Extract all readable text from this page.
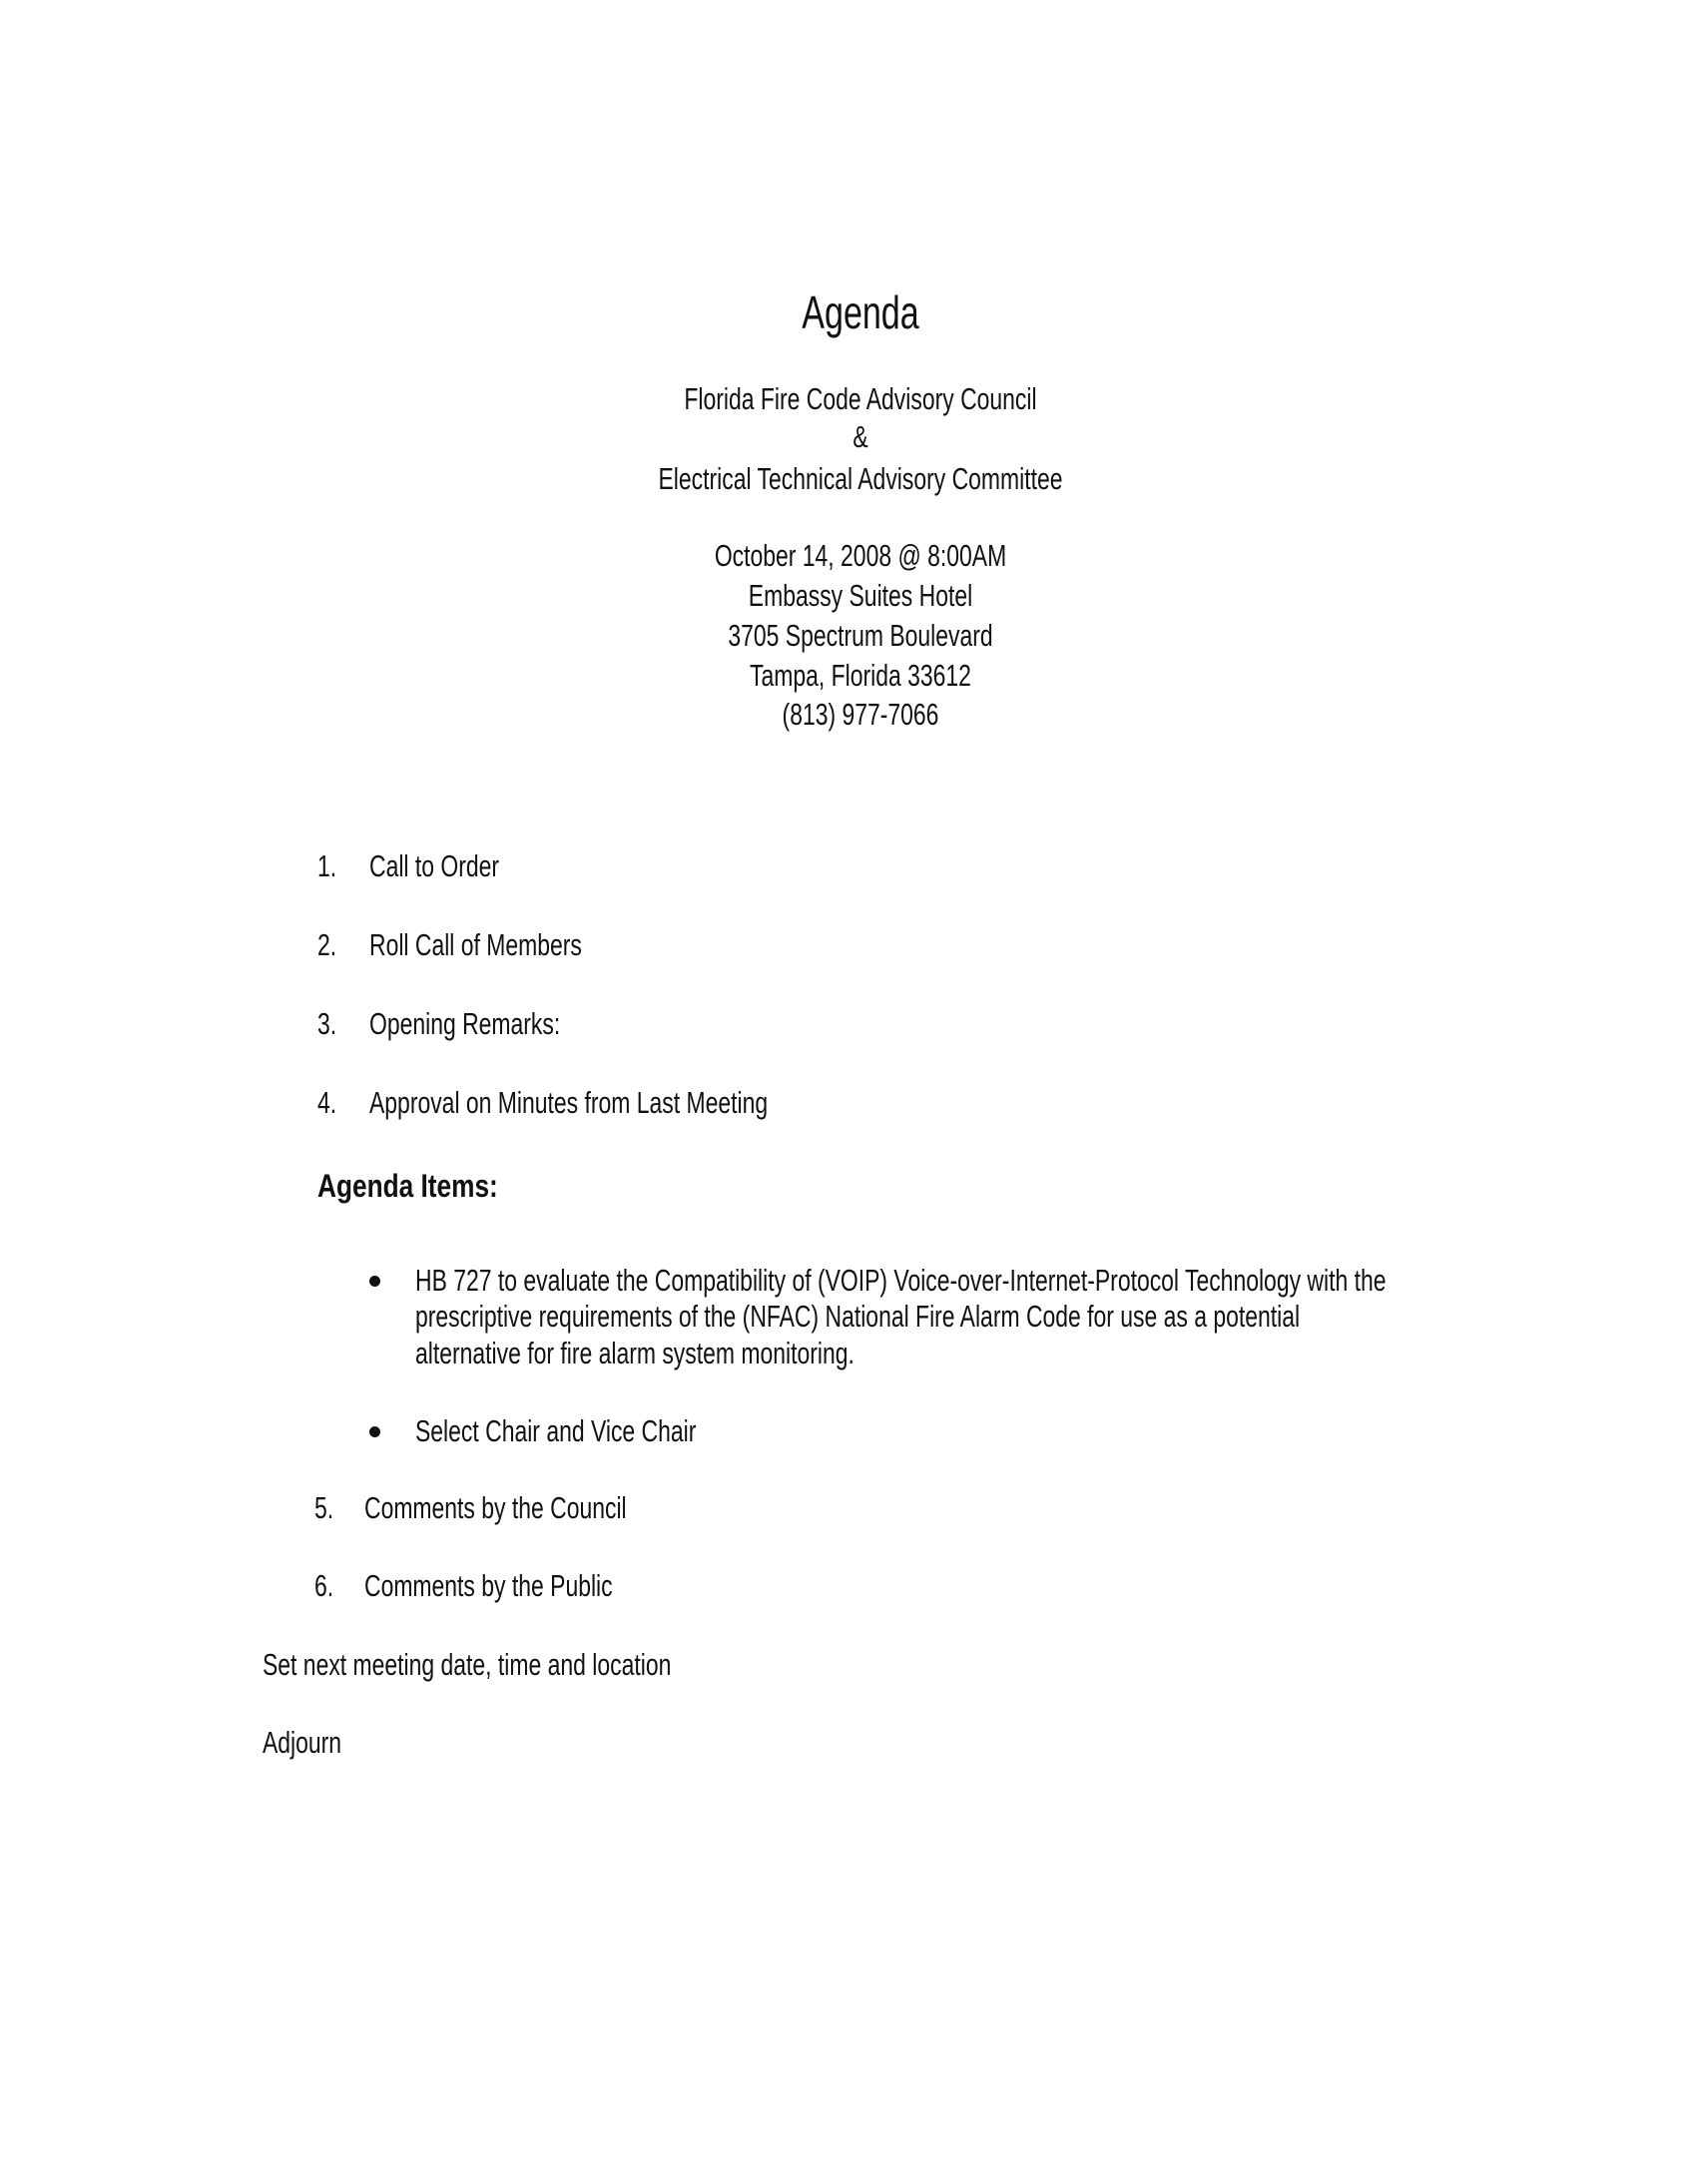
Agenda
Florida Fire Code Advisory Council
&
Electrical Technical Advisory Committee
October 14, 2008 @ 8:00AM
Embassy Suites Hotel
3705 Spectrum Boulevard
Tampa, Florida 33612
(813) 977-7066
1. Call to Order
2. Roll Call of Members
3. Opening Remarks:
4. Approval on Minutes from Last Meeting
Agenda Items:
HB 727 to evaluate the Compatibility of (VOIP) Voice-over-Internet-Protocol Technology with the
prescriptive requirements of the (NFAC) National Fire Alarm Code for use as a potential
alternative for fire alarm system monitoring.
Select Chair and Vice Chair
5. Comments by the Council
6. Comments by the Public
Set next meeting date, time and location
Adjourn
